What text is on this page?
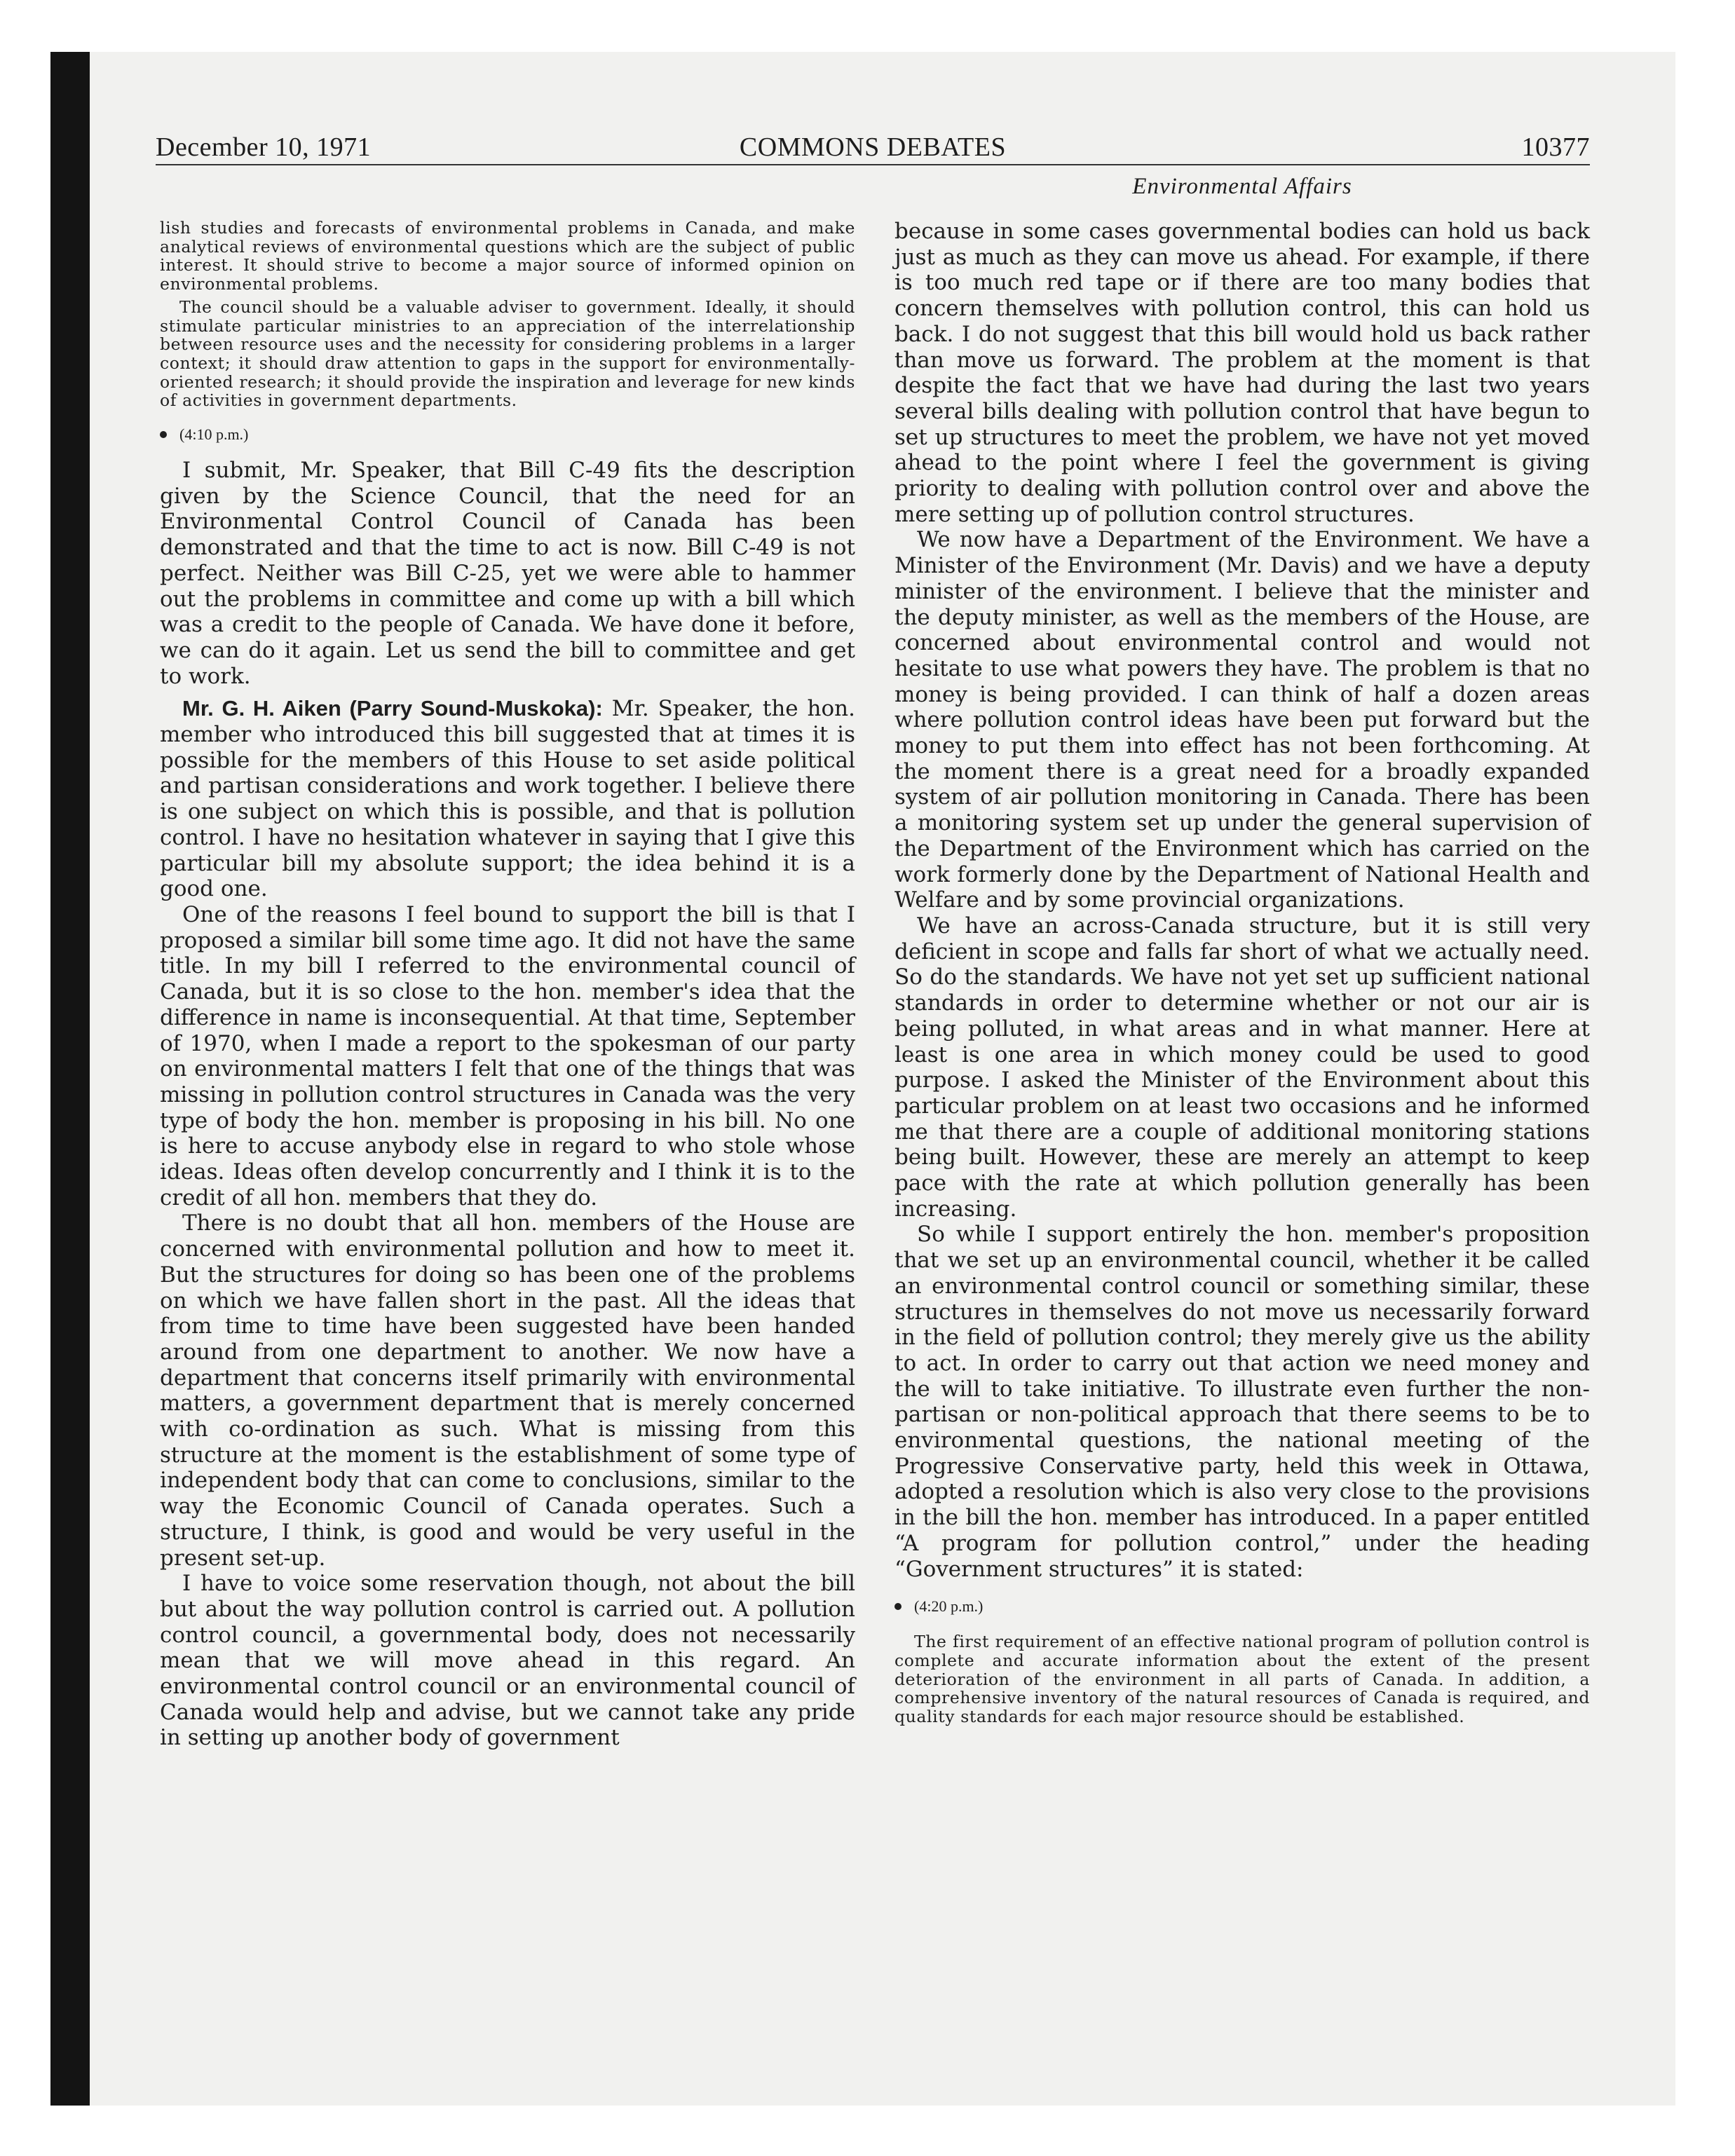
December 10, 1971	COMMONS DEBATES	10377
Environmental Affairs

lish studies and forecasts of environmental problems in Canada, and make analytical reviews of environmental questions which are the subject of public interest. It should strive to become a major source of informed opinion on environmental problems.

The council should be a valuable adviser to government. Ideally, it should stimulate particular ministries to an appreciation of the interrelationship between resource uses and the necessity for considering problems in a larger context; it should draw attention to gaps in the support for environmentally-oriented research; it should provide the inspiration and leverage for new kinds of activities in government departments.

(4:10 p.m.)

I submit, Mr. Speaker, that Bill C-49 fits the description given by the Science Council, that the need for an Environmental Control Council of Canada has been demonstrated and that the time to act is now. Bill C-49 is not perfect. Neither was Bill C-25, yet we were able to hammer out the problems in committee and come up with a bill which was a credit to the people of Canada. We have done it before, we can do it again. Let us send the bill to committee and get to work.

Mr. G. H. Aiken (Parry Sound-Muskoka): Mr. Speaker, the hon. member who introduced this bill suggested that at times it is possible for the members of this House to set aside political and partisan considerations and work together. I believe there is one subject on which this is possible, and that is pollution control. I have no hesitation whatever in saying that I give this particular bill my absolute support; the idea behind it is a good one.

One of the reasons I feel bound to support the bill is that I proposed a similar bill some time ago. It did not have the same title. In my bill I referred to the environmental council of Canada, but it is so close to the hon. member's idea that the difference in name is inconsequential. At that time, September of 1970, when I made a report to the spokesman of our party on environmental matters I felt that one of the things that was missing in pollution control structures in Canada was the very type of body the hon. member is proposing in his bill. No one is here to accuse anybody else in regard to who stole whose ideas. Ideas often develop concurrently and I think it is to the credit of all hon. members that they do.

There is no doubt that all hon. members of the House are concerned with environmental pollution and how to meet it. But the structures for doing so has been one of the problems on which we have fallen short in the past. All the ideas that from time to time have been suggested have been handed around from one department to another. We now have a department that concerns itself primarily with environmental matters, a government department that is merely concerned with co-ordination as such. What is missing from this structure at the moment is the establishment of some type of independent body that can come to conclusions, similar to the way the Economic Council of Canada operates. Such a structure, I think, is good and would be very useful in the present set-up.

I have to voice some reservation though, not about the bill but about the way pollution control is carried out. A pollution control council, a governmental body, does not necessarily mean that we will move ahead in this regard. An environmental control council or an environmental council of Canada would help and advise, but we cannot take any pride in setting up another body of government

because in some cases governmental bodies can hold us back just as much as they can move us ahead. For example, if there is too much red tape or if there are too many bodies that concern themselves with pollution control, this can hold us back. I do not suggest that this bill would hold us back rather than move us forward. The problem at the moment is that despite the fact that we have had during the last two years several bills dealing with pollution control that have begun to set up structures to meet the problem, we have not yet moved ahead to the point where I feel the government is giving priority to dealing with pollution control over and above the mere setting up of pollution control structures.

We now have a Department of the Environment. We have a Minister of the Environment (Mr. Davis) and we have a deputy minister of the environment. I believe that the minister and the deputy minister, as well as the members of the House, are concerned about environmental control and would not hesitate to use what powers they have. The problem is that no money is being provided. I can think of half a dozen areas where pollution control ideas have been put forward but the money to put them into effect has not been forthcoming. At the moment there is a great need for a broadly expanded system of air pollution monitoring in Canada. There has been a monitoring system set up under the general supervision of the Department of the Environment which has carried on the work formerly done by the Department of National Health and Welfare and by some provincial organizations.

We have an across-Canada structure, but it is still very deficient in scope and falls far short of what we actually need. So do the standards. We have not yet set up sufficient national standards in order to determine whether or not our air is being polluted, in what areas and in what manner. Here at least is one area in which money could be used to good purpose. I asked the Minister of the Environment about this particular problem on at least two occasions and he informed me that there are a couple of additional monitoring stations being built. However, these are merely an attempt to keep pace with the rate at which pollution generally has been increasing.

So while I support entirely the hon. member's proposition that we set up an environmental council, whether it be called an environmental control council or something similar, these structures in themselves do not move us necessarily forward in the field of pollution control; they merely give us the ability to act. In order to carry out that action we need money and the will to take initiative. To illustrate even further the non-partisan or non-political approach that there seems to be to environmental questions, the national meeting of the Progressive Conservative party, held this week in Ottawa, adopted a resolution which is also very close to the provisions in the bill the hon. member has introduced. In a paper entitled “A program for pollution control,” under the heading “Government structures” it is stated:

(4:20 p.m.)

The first requirement of an effective national program of pollution control is complete and accurate information about the extent of the present deterioration of the environment in all parts of Canada. In addition, a comprehensive inventory of the natural resources of Canada is required, and quality standards for each major resource should be established.
